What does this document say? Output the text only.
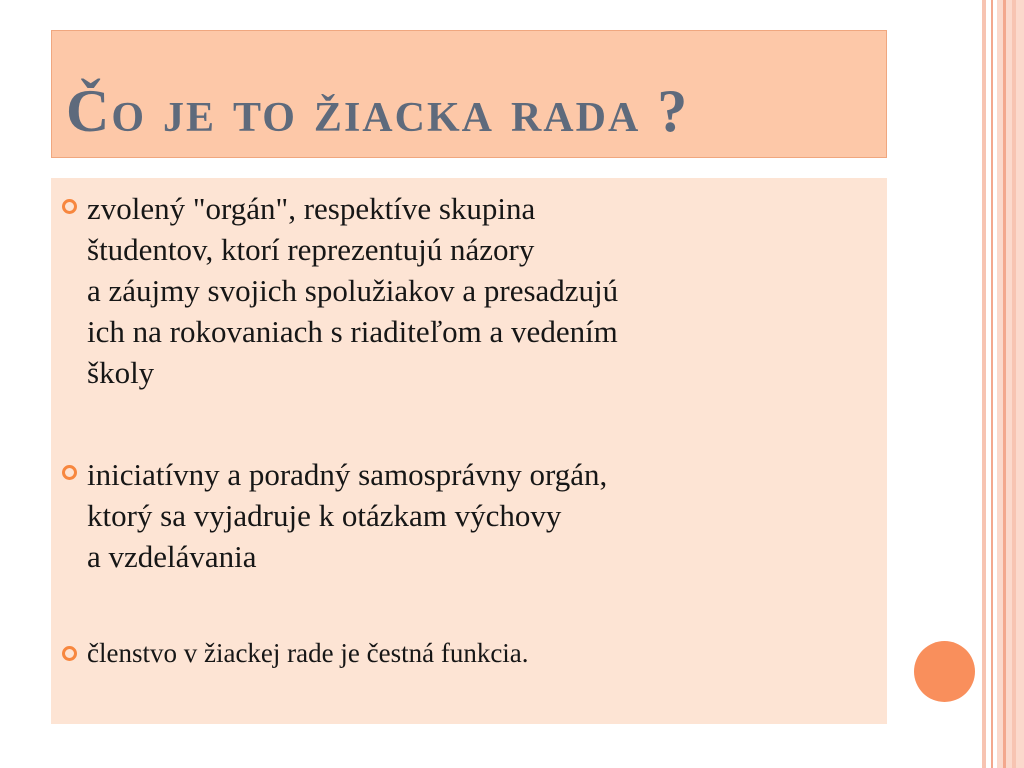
Čo je to žiacka rada ?
zvolený "orgán", respektíve skupina
študentov, ktorí reprezentujú názory
a záujmy svojich spolužiakov a presadzujú
ich na rokovaniach s riaditeľom a vedením
školy
iniciatívny a poradný samosprávny orgán,
ktorý sa vyjadruje k otázkam výchovy
a vzdelávania
členstvo v žiackej rade je čestná funkcia.
